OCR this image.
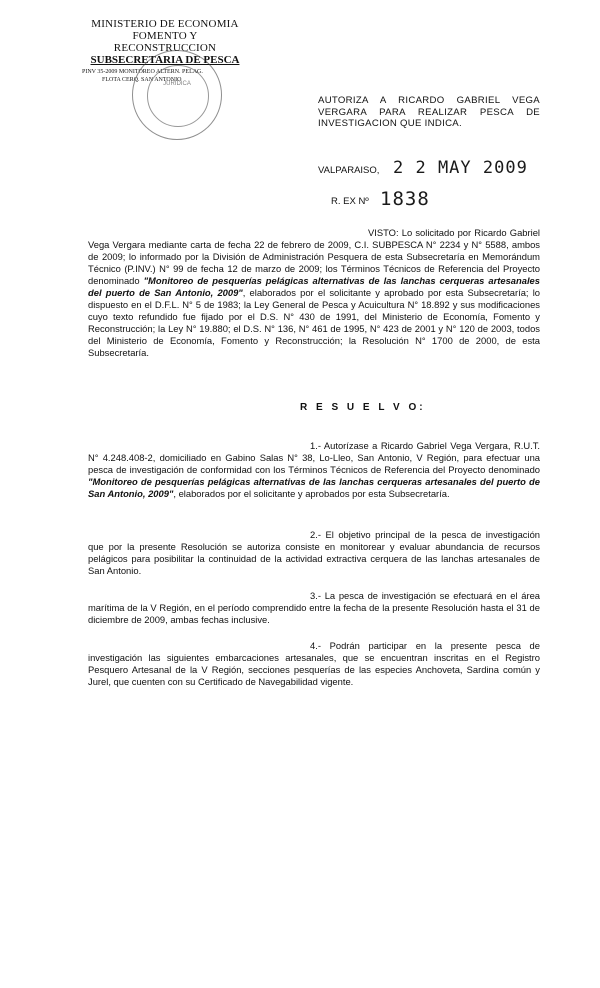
MINISTERIO DE ECONOMIA
FOMENTO Y RECONSTRUCCION
SUBSECRETARIA DE PESCA
PINV 35-2009 MONITOREO ALTERN. PELAG.
FLOTA CERQ. SAN ANTONIO
JURIDICA
AUTORIZA A RICARDO GABRIEL VEGA VERGARA PARA REALIZAR PESCA DE INVESTIGACION QUE INDICA.
VALPARAISO, 2 2 MAY 2009
R. EX Nº 1838

VISTO: Lo solicitado por Ricardo Gabriel Vega Vergara mediante carta de fecha 22 de febrero de 2009, C.I. SUBPESCA N° 2234 y N° 5588, ambos de 2009; lo informado por la División de Administración Pesquera de esta Subsecretaría en Memorándum Técnico (P.INV.) N° 99 de fecha 12 de marzo de 2009; los Términos Técnicos de Referencia del Proyecto denominado "Monitoreo de pesquerías pelágicas alternativas de las lanchas cerqueras artesanales del puerto de San Antonio, 2009", elaborados por el solicitante y aprobado por esta Subsecretaría; lo dispuesto en el D.F.L. N° 5 de 1983; la Ley General de Pesca y Acuicultura N° 18.892 y sus modificaciones cuyo texto refundido fue fijado por el D.S. N° 430 de 1991, del Ministerio de Economía, Fomento y Reconstrucción; la Ley N° 19.880; el D.S. N° 136, N° 461 de 1995, N° 423 de 2001 y N° 120 de 2003, todos del Ministerio de Economía, Fomento y Reconstrucción; la Resolución N° 1700 de 2000, de esta Subsecretaría.

R E S U E L V O:

1.- Autorízase a Ricardo Gabriel Vega Vergara, R.U.T. N° 4.248.408-2, domiciliado en Gabino Salas N° 38, Lo-Lleo, San Antonio, V Región, para efectuar una pesca de investigación de conformidad con los Términos Técnicos de Referencia del Proyecto denominado "Monitoreo de pesquerías pelágicas alternativas de las lanchas cerqueras artesanales del puerto de San Antonio, 2009", elaborados por el solicitante y aprobados por esta Subsecretaría.

2.- El objetivo principal de la pesca de investigación que por la presente Resolución se autoriza consiste en monitorear y evaluar abundancia de recursos pelágicos para posibilitar la continuidad de la actividad extractiva cerquera de las lanchas artesanales de San Antonio.

3.- La pesca de investigación se efectuará en el área marítima de la V Región, en el período comprendido entre la fecha de la presente Resolución hasta el 31 de diciembre de 2009, ambas fechas inclusive.

4.- Podrán participar en la presente pesca de investigación las siguientes embarcaciones artesanales, que se encuentran inscritas en el Registro Pesquero Artesanal de la V Región, secciones pesquerías de las especies Anchoveta, Sardina común y Jurel, que cuenten con su Certificado de Navegabilidad vigente.
